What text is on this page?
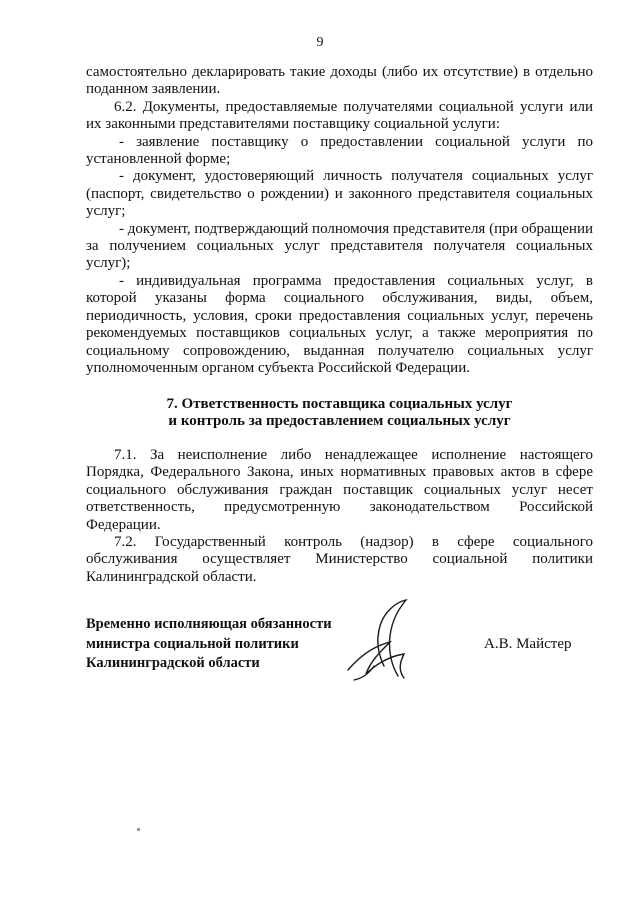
9

самостоятельно декларировать такие доходы (либо их отсутствие) в отдельно поданном заявлении.

6.2. Документы, предоставляемые получателями социальной услуги или их законными представителями поставщику социальной услуги:

- заявление поставщику о предоставлении социальной услуги по установленной форме;

- документ, удостоверяющий личность получателя социальных услуг (паспорт, свидетельство о рождении) и законного представителя социальных услуг;

- документ, подтверждающий полномочия представителя (при обращении за получением социальных услуг представителя получателя социальных услуг);

- индивидуальная программа предоставления социальных услуг, в которой указаны форма социального обслуживания, виды, объем, периодичность, условия, сроки предоставления социальных услуг, перечень рекомендуемых поставщиков социальных услуг, а также мероприятия по социальному сопровождению, выданная получателю социальных услуг уполномоченным органом субъекта Российской Федерации.

7. Ответственность поставщика социальных услуг
и контроль за предоставлением социальных услуг

7.1. За неисполнение либо ненадлежащее исполнение настоящего Порядка, Федерального Закона, иных нормативных правовых актов в сфере социального обслуживания граждан поставщик социальных услуг несет ответственность, предусмотренную законодательством Российской Федерации.

7.2. Государственный контроль (надзор) в сфере социального обслуживания осуществляет Министерство социальной политики Калининградской области.

Временно исполняющая обязанности
министра социальной политики
Калининградской области
А.В. Майстер
